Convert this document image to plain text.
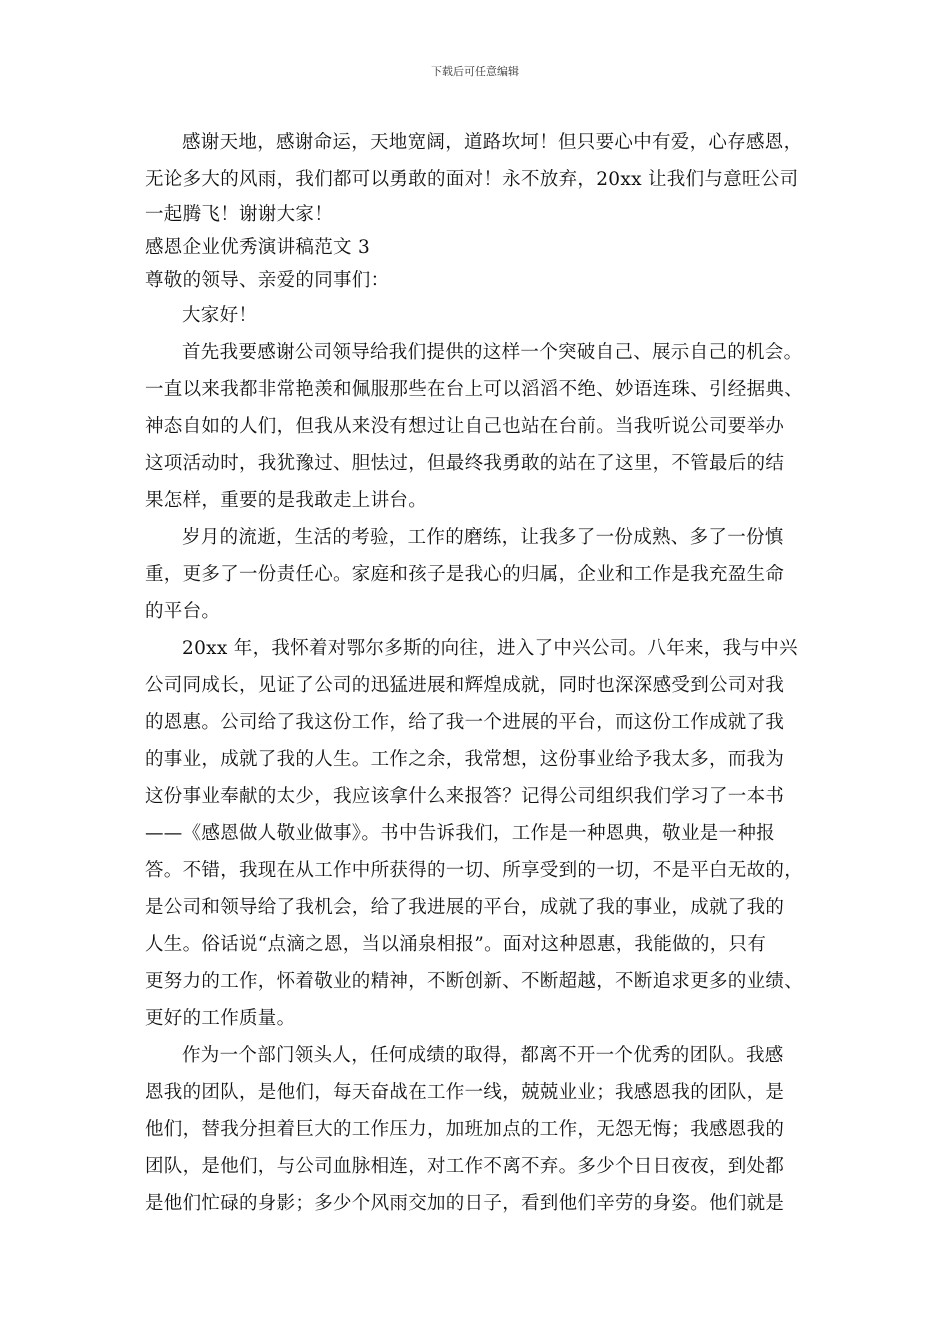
下载后可任意编辑
感谢天地，感谢命运，天地宽阔，道路坎坷！但只要心中有爱，心存感恩，
无论多大的风雨，我们都可以勇敢的面对！永不放弃，20xx 让我们与意旺公司
一起腾飞！谢谢大家！
感恩企业优秀演讲稿范文 3
尊敬的领导、亲爱的同事们：
大家好！
首先我要感谢公司领导给我们提供的这样一个突破自己、展示自己的机会。
一直以来我都非常艳羡和佩服那些在台上可以滔滔不绝、妙语连珠、引经据典、
神态自如的人们，但我从来没有想过让自己也站在台前。当我听说公司要举办
这项活动时，我犹豫过、胆怯过，但最终我勇敢的站在了这里，不管最后的结
果怎样，重要的是我敢走上讲台。
岁月的流逝，生活的考验，工作的磨练，让我多了一份成熟、多了一份慎
重，更多了一份责任心。家庭和孩子是我心的归属，企业和工作是我充盈生命
的平台。
20xx 年，我怀着对鄂尔多斯的向往，进入了中兴公司。八年来，我与中兴
公司同成长，见证了公司的迅猛进展和辉煌成就，同时也深深感受到公司对我
的恩惠。公司给了我这份工作，给了我一个进展的平台，而这份工作成就了我
的事业，成就了我的人生。工作之余，我常想，这份事业给予我太多，而我为
这份事业奉献的太少，我应该拿什么来报答？记得公司组织我们学习了一本书
——《感恩做人敬业做事》。书中告诉我们，工作是一种恩典，敬业是一种报
答。不错，我现在从工作中所获得的一切、所享受到的一切，不是平白无故的，
是公司和领导给了我机会，给了我进展的平台，成就了我的事业，成就了我的
人生。俗话说“点滴之恩，当以涌泉相报”。面对这种恩惠，我能做的，只有
更努力的工作，怀着敬业的精神，不断创新、不断超越，不断追求更多的业绩、
更好的工作质量。
作为一个部门领头人，任何成绩的取得，都离不开一个优秀的团队。我感
恩我的团队，是他们，每天奋战在工作一线，兢兢业业；我感恩我的团队，是
他们，替我分担着巨大的工作压力，加班加点的工作，无怨无悔；我感恩我的
团队，是他们，与公司血脉相连，对工作不离不弃。多少个日日夜夜，到处都
是他们忙碌的身影；多少个风雨交加的日子，看到他们辛劳的身姿。他们就是
